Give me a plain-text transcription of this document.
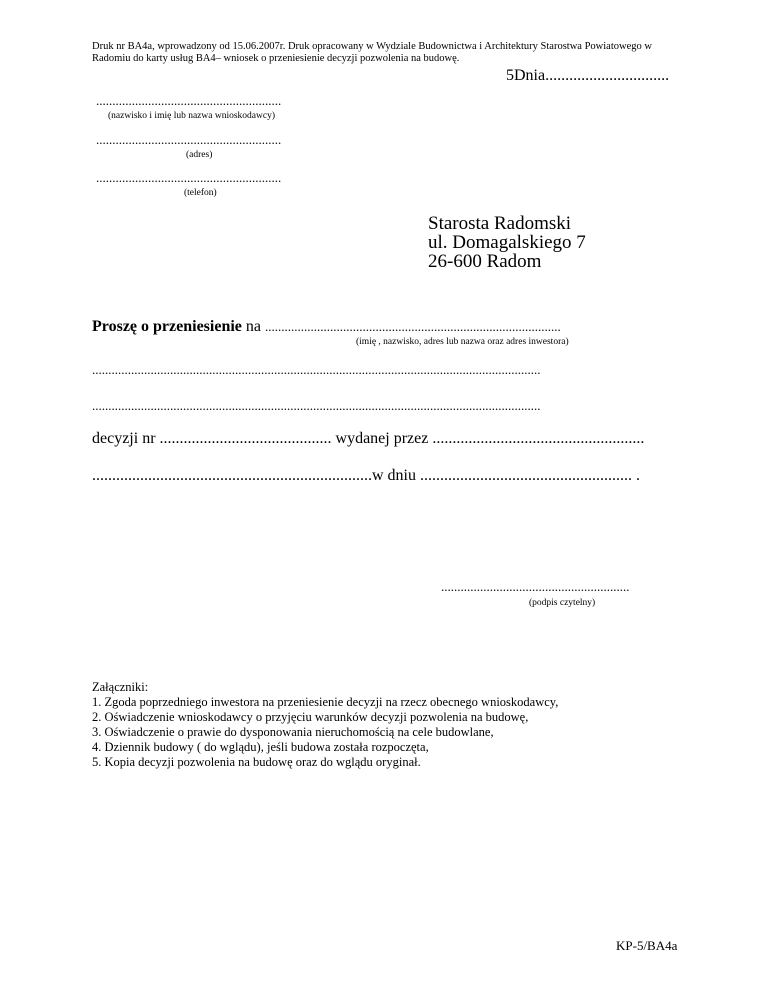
Druk nr BA4a, wprowadzony od 15.06.2007r. Druk opracowany w Wydziale Budownictwa i Architektury Starostwa Powiatowego w
Radomiu do karty usług BA4– wniosek o przeniesienie decyzji pozwolenia na budowę.
5Dnia...............................
.........................................................
(nazwisko i imię lub nazwa wnioskodawcy)
.........................................................
(adres)
.........................................................
(telefon)
Starosta Radomski
ul. Domagalskiego 7
26-600 Radom
Proszę o przeniesienie na ...........................................................................................
(imię , nazwisko, adres lub nazwa oraz adres inwestora)
..........................................................................................................................................
..........................................................................................................................................
decyzji nr ........................................... wydanej przez .....................................................
......................................................................w dniu ..................................................... .
..........................................................
(podpis czytelny)
Załączniki:
1. Zgoda poprzedniego inwestora na przeniesienie decyzji na rzecz obecnego wnioskodawcy,
2. Oświadczenie wnioskodawcy o przyjęciu warunków decyzji pozwolenia na budowę,
3. Oświadczenie o prawie do dysponowania nieruchomością na cele budowlane,
4. Dziennik budowy ( do wglądu), jeśli budowa została rozpoczęta,
5. Kopia decyzji pozwolenia na budowę oraz do wglądu oryginał.
KP-5/BA4a
